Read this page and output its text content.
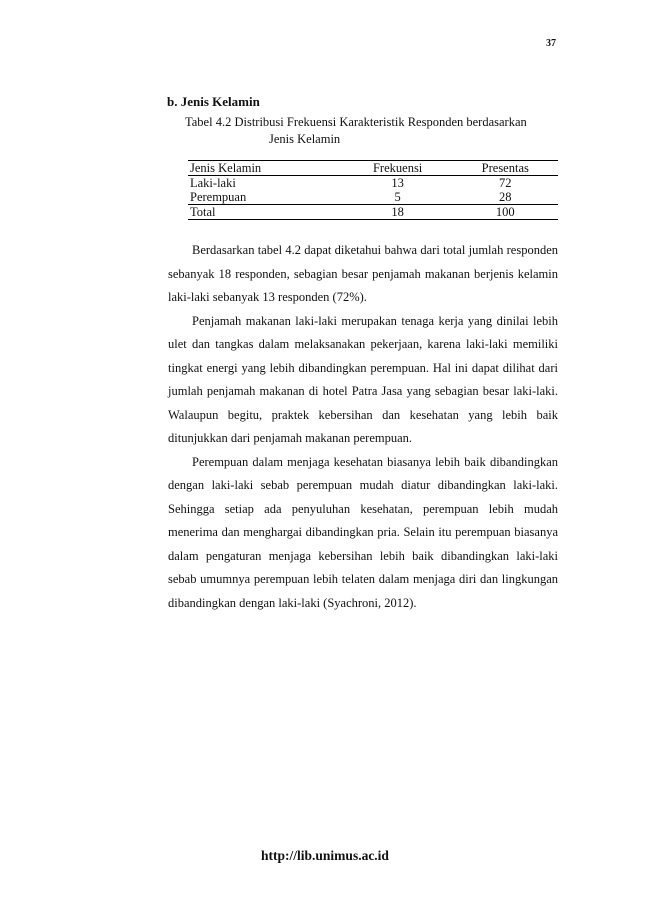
37
b. Jenis Kelamin
Tabel 4.2 Distribusi Frekuensi Karakteristik Responden berdasarkan
Jenis Kelamin
Jenis Kelamin	Frekuensi	Presentas
Laki-laki	13	72
Perempuan	5	28
Total	18	100

Berdasarkan tabel 4.2 dapat diketahui bahwa dari total jumlah responden sebanyak 18 responden, sebagian besar penjamah makanan berjenis kelamin laki-laki sebanyak 13 responden (72%).

Penjamah makanan laki-laki merupakan tenaga kerja yang dinilai lebih ulet dan tangkas dalam melaksanakan pekerjaan, karena laki-laki memiliki tingkat energi yang lebih dibandingkan perempuan. Hal ini dapat dilihat dari jumlah penjamah makanan di hotel Patra Jasa yang sebagian besar laki-laki. Walaupun begitu, praktek kebersihan dan kesehatan yang lebih baik ditunjukkan dari penjamah makanan perempuan.

Perempuan dalam menjaga kesehatan biasanya lebih baik dibandingkan dengan laki-laki sebab perempuan mudah diatur dibandingkan laki-laki. Sehingga setiap ada penyuluhan kesehatan, perempuan lebih mudah menerima dan menghargai dibandingkan pria. Selain itu perempuan biasanya dalam pengaturan menjaga kebersihan lebih baik dibandingkan laki-laki sebab umumnya perempuan lebih telaten dalam menjaga diri dan lingkungan dibandingkan dengan laki-laki (Syachroni, 2012).

http://lib.unimus.ac.id
